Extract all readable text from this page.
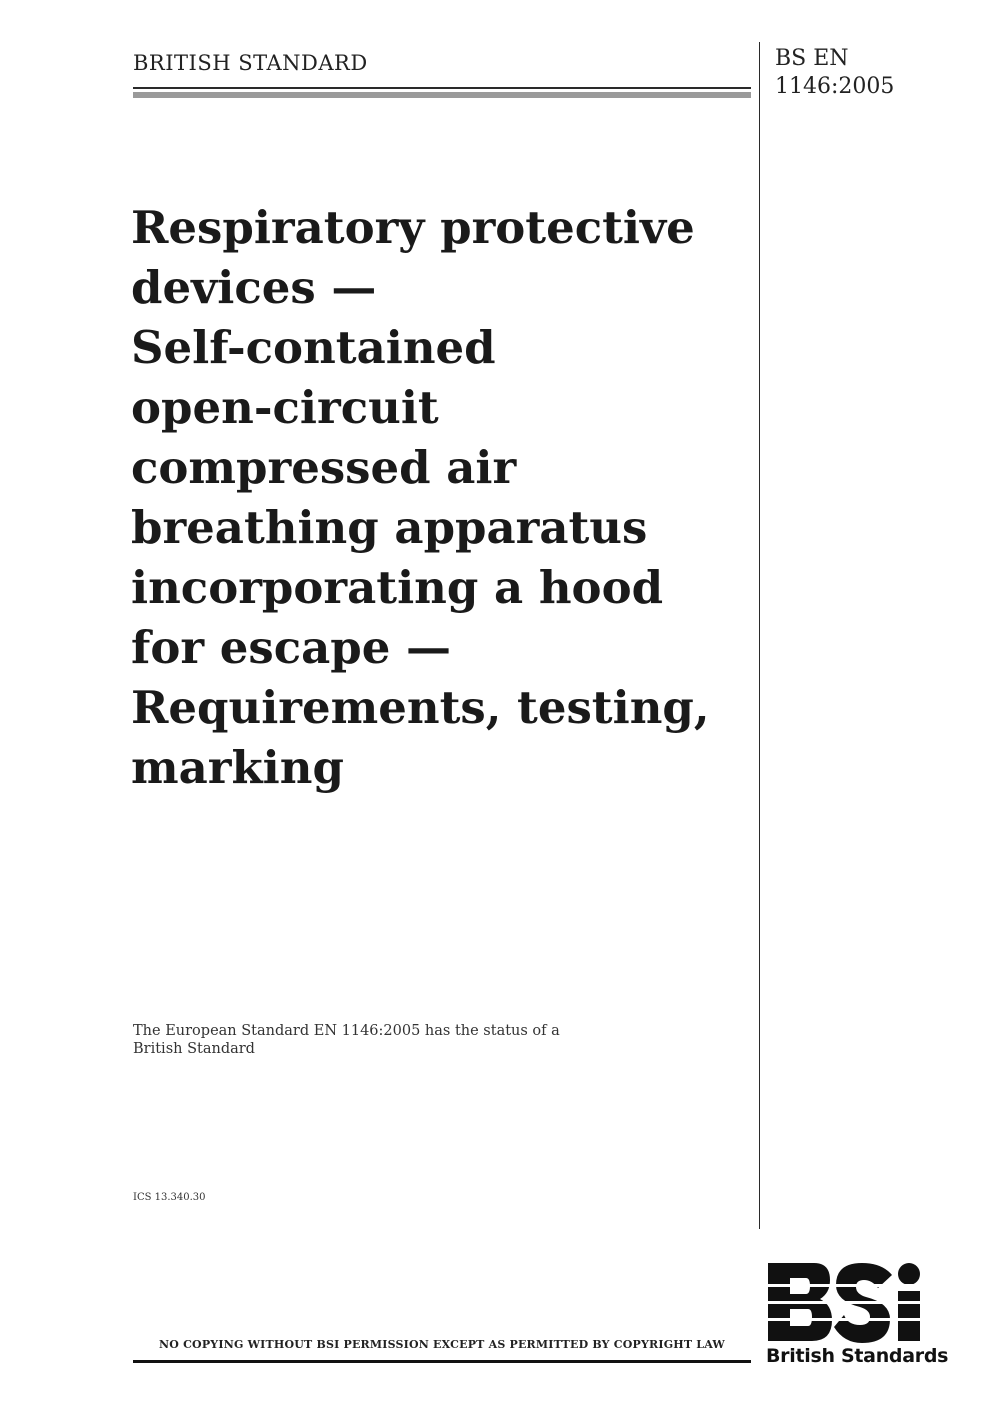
BRITISH STANDARD	BS EN
1146:2005
Respiratory protective
devices —
Self-contained
open-circuit
compressed air
breathing apparatus
incorporating a hood
for escape —
Requirements, testing,
marking
The European Standard EN 1146:2005 has the status of a
British Standard
ICS 13.340.30
NO COPYING WITHOUT BSI PERMISSION EXCEPT AS PERMITTED BY COPYRIGHT LAW
British Standards
